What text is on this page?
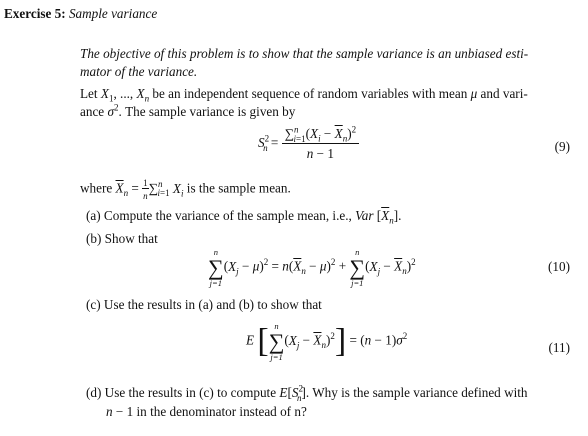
Exercise 5: Sample variance
The objective of this problem is to show that the sample variance is an unbiased esti-
mator of the variance.
Let $X_1$, ..., $X_n$ be an independent sequence of random variables with mean μ and vari-
ance $\sigma^2$. The sample variance is given by
$S^2_n = \frac{\sum^n_{i=1}(X_i - \overline{X}_n)^2}{n - 1}$	(9)
where $\overline{X}_n = \frac{1}{n} \sum^n_{i=1}$ $X_i$ is the sample mean.
(a) Compute the variance of the sample mean, i.e., Var $[\overline{X}_n]$.
(b) Show that
n
∑
j=1
$(X_j - \mu)^2 = n(\overline{X}_n - \mu)^2$ +
n
∑
j=1
$(X_j - \overline{X}_n)^2$	(10)
(c) Use the results in (a) and (b) to show that
E [ n
∑
j=1
$(X_j - \overline{X}_n)^2] = (n - 1)\sigma^2$
(11)
(d) Use the results in (c) to compute $E[S^2_n]$. Why is the sample variance defined with
n − 1 in the denominator instead of n?
